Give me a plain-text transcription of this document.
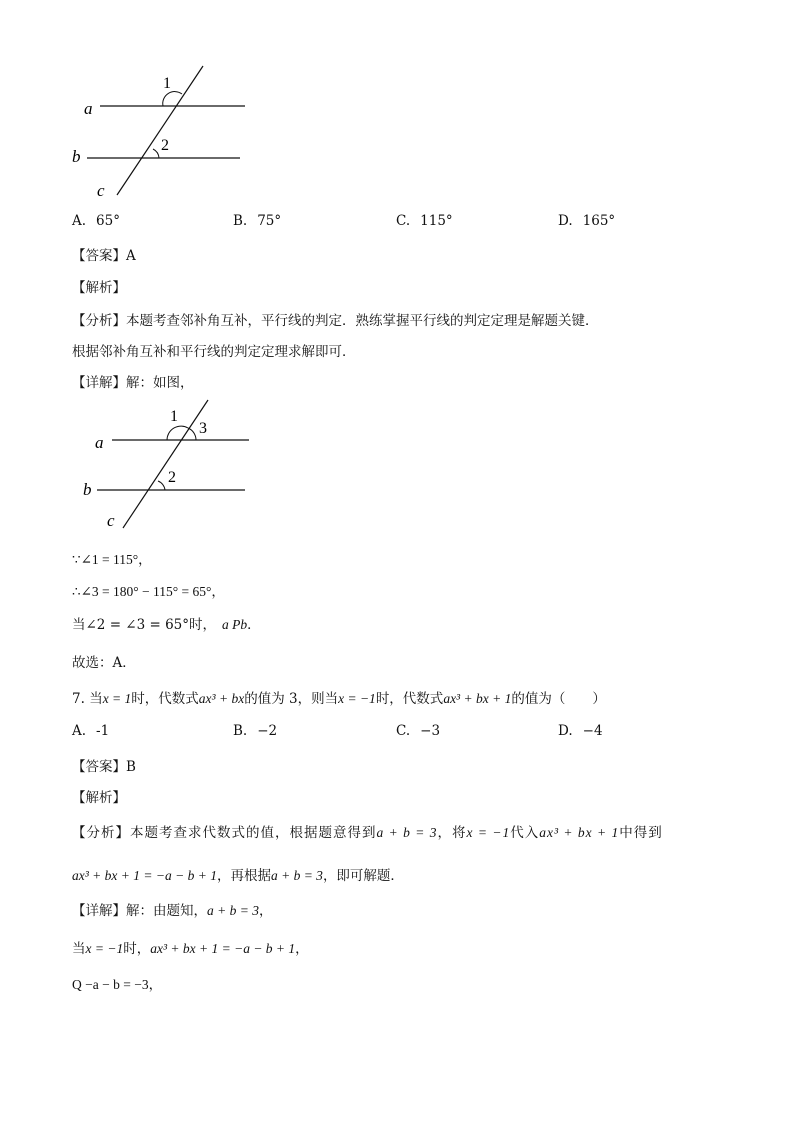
1
2
a
b
c
A. 65°	B. 75°	C. 115°	D. 165°
【答案】A
【解析】
【分析】本题考查邻补角互补，平行线的判定．熟练掌握平行线的判定定理是解题关键．
根据邻补角互补和平行线的判定定理求解即可．
【详解】解：如图，
1
3
2
a
b
c
∵∠1 = 115°，
∴∠3 = 180° − 115° = 65°，
当∠2 = ∠3 = 65°时， a Pb．
故选：A．
7. 当x = 1时，代数式ax³ + bx的值为 3，则当x = −1时，代数式ax³ + bx + 1的值为（　　）
A. -1	B. −2	C. −3	D. −4
【答案】B
【解析】
【分析】本题考查求代数式的值，根据题意得到a + b = 3，将x = −1代入ax³ + bx + 1中得到
ax³ + bx + 1 = −a − b + 1，再根据a + b = 3，即可解题．
【详解】解：由题知，a + b = 3，
当x = −1时，ax³ + bx + 1 = −a − b + 1，
Q −a − b = −3，
